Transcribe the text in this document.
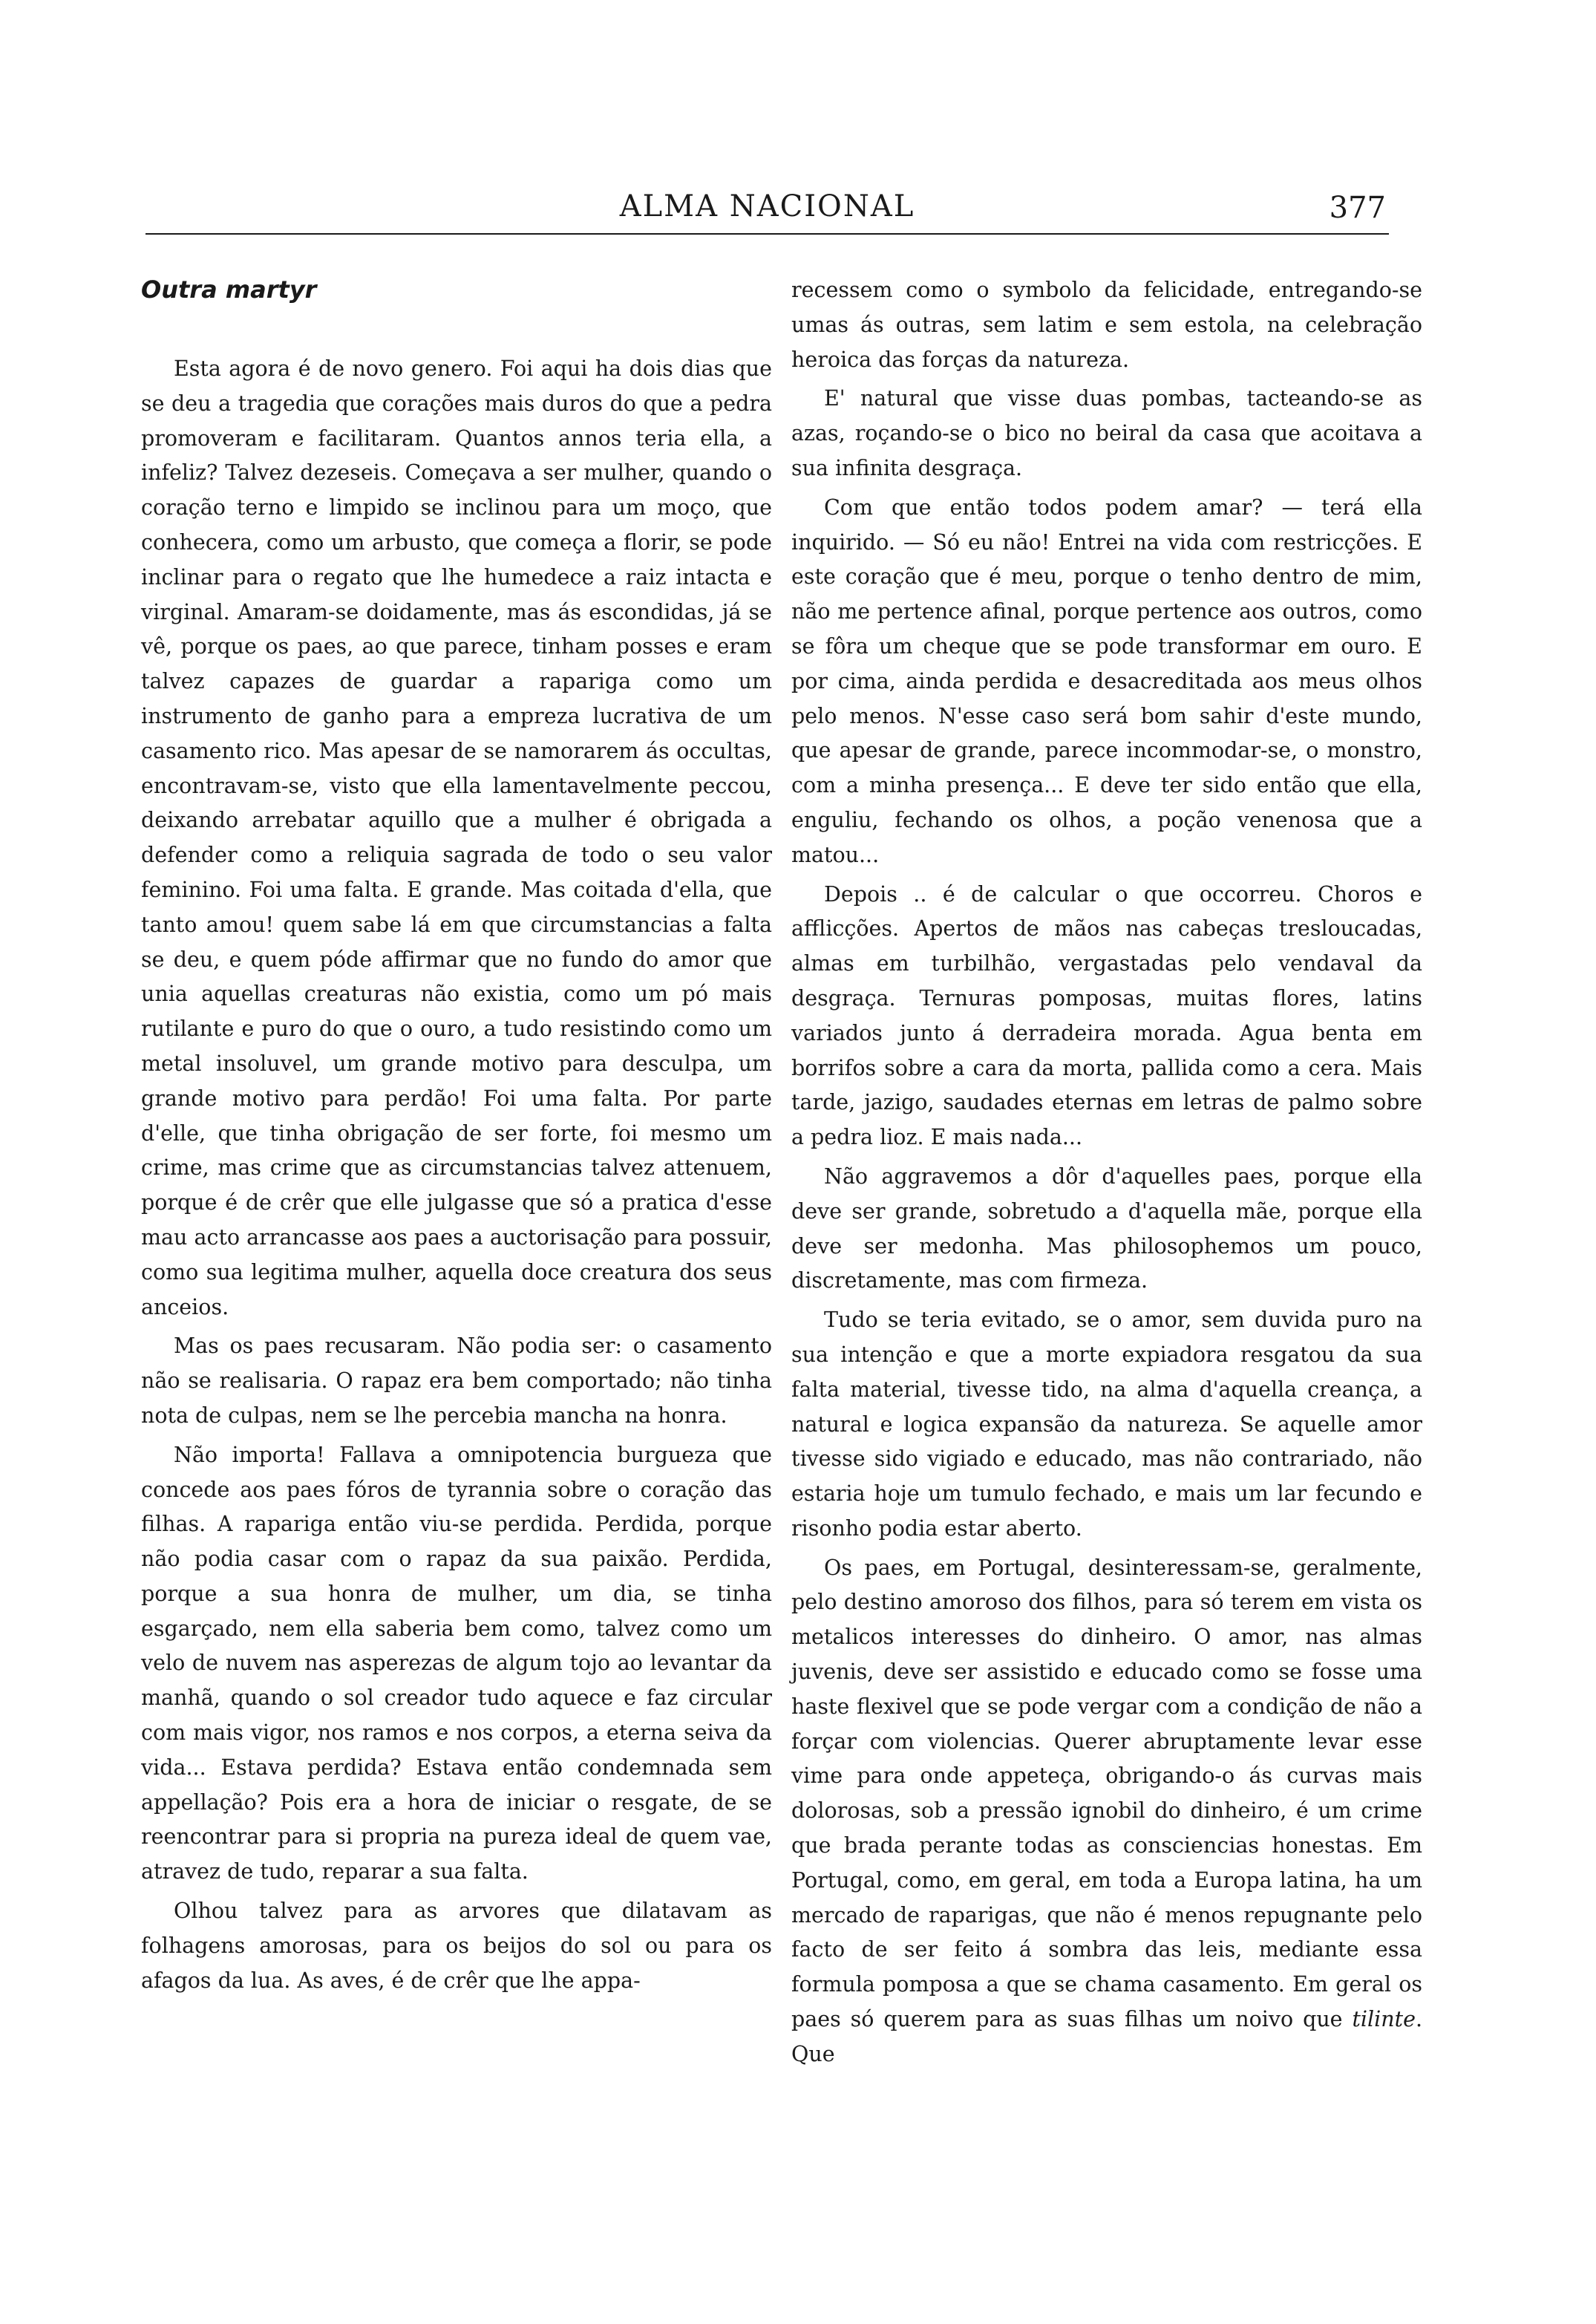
ALMA NACIONAL	377
Outra martyr

Esta agora é de novo genero. Foi aqui ha dois dias que se deu a tragedia que corações mais duros do que a pedra promoveram e facilitaram. Quantos annos teria ella, a infeliz? Talvez dezeseis. Começava a ser mulher, quando o coração terno e limpido se inclinou para um moço, que conhecera, como um arbusto, que começa a florir, se pode inclinar para o regato que lhe humedece a raiz intacta e virginal. Amaram-se doidamente, mas ás escondidas, já se vê, porque os paes, ao que parece, tinham posses e eram talvez capazes de guardar a rapariga como um instrumento de ganho para a empreza lucrativa de um casamento rico. Mas apesar de se namorarem ás occultas, encontravam-se, visto que ella lamentavelmente peccou, deixando arrebatar aquillo que a mulher é obrigada a defender como a reliquia sagrada de todo o seu valor feminino. Foi uma falta. E grande. Mas coitada d'ella, que tanto amou! quem sabe lá em que circumstancias a falta se deu, e quem póde affirmar que no fundo do amor que unia aquellas creaturas não existia, como um pó mais rutilante e puro do que o ouro, a tudo resistindo como um metal insoluvel, um grande motivo para desculpa, um grande motivo para perdão! Foi uma falta. Por parte d'elle, que tinha obrigação de ser forte, foi mesmo um crime, mas crime que as circumstancias talvez attenuem, porque é de crêr que elle julgasse que só a pratica d'esse mau acto arrancasse aos paes a auctorisação para possuir, como sua legitima mulher, aquella doce creatura dos seus anceios.

Mas os paes recusaram. Não podia ser: o casamento não se realisaria. O rapaz era bem comportado; não tinha nota de culpas, nem se lhe percebia mancha na honra.

Não importa! Fallava a omnipotencia burgueza que concede aos paes fóros de tyrannia sobre o coração das filhas. A rapariga então viu-se perdida. Perdida, porque não podia casar com o rapaz da sua paixão. Perdida, porque a sua honra de mulher, um dia, se tinha esgarçado, nem ella saberia bem como, talvez como um velo de nuvem nas asperezas de algum tojo ao levantar da manhã, quando o sol creador tudo aquece e faz circular com mais vigor, nos ramos e nos corpos, a eterna seiva da vida... Estava perdida? Estava então condemnada sem appellação? Pois era a hora de iniciar o resgate, de se reencontrar para si propria na pureza ideal de quem vae, atravez de tudo, reparar a sua falta.

Olhou talvez para as arvores que dilatavam as folhagens amorosas, para os beijos do sol ou para os afagos da lua. As aves, é de crêr que lhe appa-

recessem como o symbolo da felicidade, entregando-se umas ás outras, sem latim e sem estola, na celebração heroica das forças da natureza.

E' natural que visse duas pombas, tacteando-se as azas, roçando-se o bico no beiral da casa que acoitava a sua infinita desgraça.

Com que então todos podem amar? — terá ella inquirido. — Só eu não! Entrei na vida com restricções. E este coração que é meu, porque o tenho dentro de mim, não me pertence afinal, porque pertence aos outros, como se fôra um cheque que se pode transformar em ouro. E por cima, ainda perdida e desacreditada aos meus olhos pelo menos. N'esse caso será bom sahir d'este mundo, que apesar de grande, parece incommodar-se, o monstro, com a minha presença... E deve ter sido então que ella, enguliu, fechando os olhos, a poção venenosa que a matou...

Depois .. é de calcular o que occorreu. Choros e afflicções. Apertos de mãos nas cabeças tresloucadas, almas em turbilhão, vergastadas pelo vendaval da desgraça. Ternuras pomposas, muitas flores, latins variados junto á derradeira morada. Agua benta em borrifos sobre a cara da morta, pallida como a cera. Mais tarde, jazigo, saudades eternas em letras de palmo sobre a pedra lioz. E mais nada...

Não aggravemos a dôr d'aquelles paes, porque ella deve ser grande, sobretudo a d'aquella mãe, porque ella deve ser medonha. Mas philosophemos um pouco, discretamente, mas com firmeza.

Tudo se teria evitado, se o amor, sem duvida puro na sua intenção e que a morte expiadora resgatou da sua falta material, tivesse tido, na alma d'aquella creança, a natural e logica expansão da natureza. Se aquelle amor tivesse sido vigiado e educado, mas não contrariado, não estaria hoje um tumulo fechado, e mais um lar fecundo e risonho podia estar aberto.

Os paes, em Portugal, desinteressam-se, geralmente, pelo destino amoroso dos filhos, para só terem em vista os metalicos interesses do dinheiro. O amor, nas almas juvenis, deve ser assistido e educado como se fosse uma haste flexivel que se pode vergar com a condição de não a forçar com violencias. Querer abruptamente levar esse vime para onde appeteça, obrigando-o ás curvas mais dolorosas, sob a pressão ignobil do dinheiro, é um crime que brada perante todas as consciencias honestas. Em Portugal, como, em geral, em toda a Europa latina, ha um mercado de raparigas, que não é menos repugnante pelo facto de ser feito á sombra das leis, mediante essa formula pomposa a que se chama casamento. Em geral os paes só querem para as suas filhas um noivo que tilinte. Que
